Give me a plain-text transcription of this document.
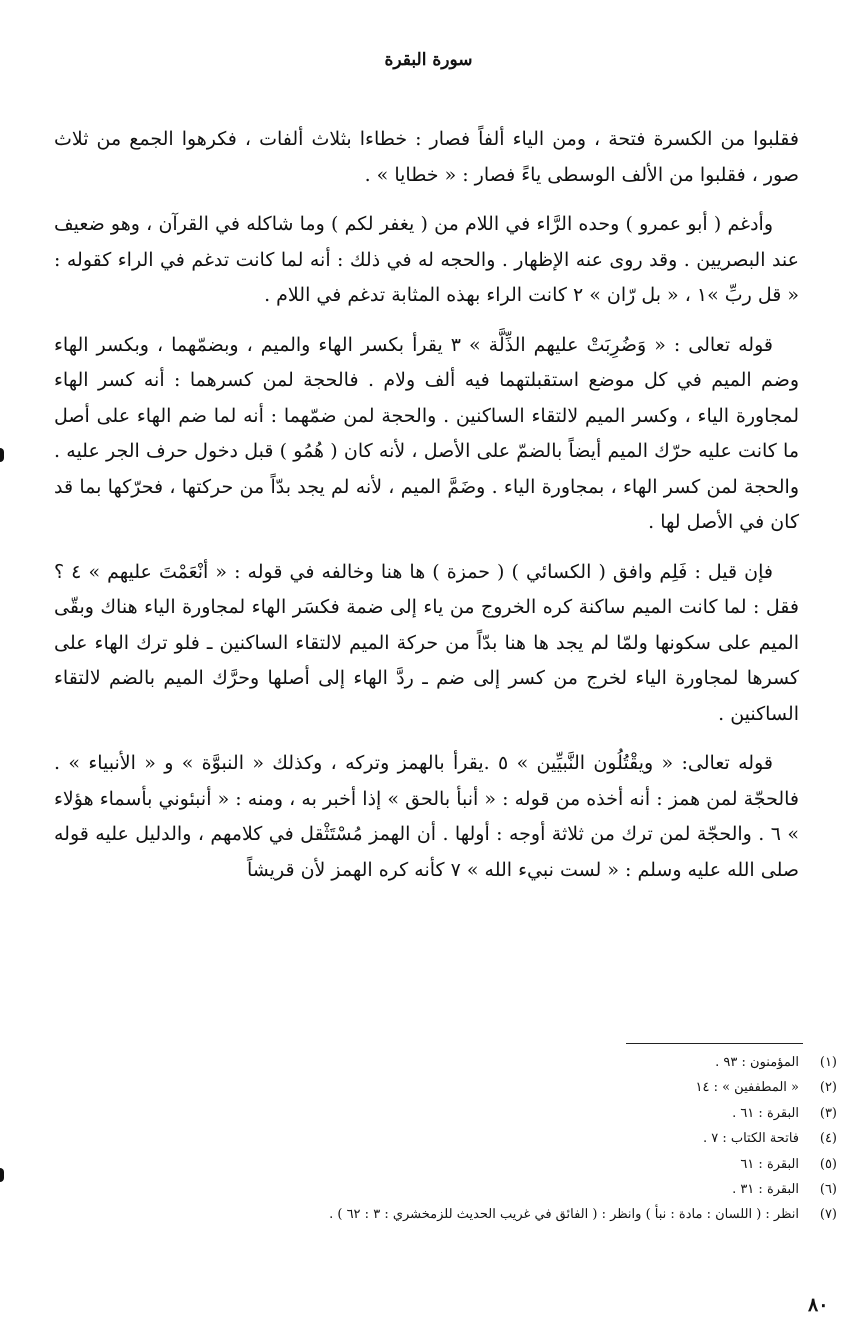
سورة البقرة

فقلبوا من الكسرة فتحة ، ومن الياء ألفاً فصار : خطاءا بثلاث ألفات ، فكرهوا الجمع من ثلاث صور ، فقلبوا من الألف الوسطى ياءً فصار : « خطايا » .

وأدغم ( أبو عمرو ) وحده الرَّاء في اللام من ( يغفر لكم ) وما شاكله في القرآن ، وهو ضعيف عند البصريين . وقد روى عنه الإظهار . والحجه له في ذلك : أنه لما كانت تدغم في الراء كقوله : « قل ربِّ »١ ، « بل رّان » ٢ كانت الراء بهذه المثابة تدغم في اللام .

قوله تعالى : « وَضُرِبَتْ عليهم الذِّلَّة » ٣ يقرأ بكسر الهاء والميم ، وبضمّهما ، وبكسر الهاء وضم الميم في كل موضع استقبلتهما فيه ألف ولام . فالحجة لمن كسرهما : أنه كسر الهاء لمجاورة الياء ، وكسر الميم لالتقاء الساكنين . والحجة لمن ضمّهما : أنه لما ضم الهاء على أصل ما كانت عليه حرّك الميم أيضاً بالضمّ على الأصل ، لأنه كان ( هُمُو ) قبل دخول حرف الجر عليه . والحجة لمن كسر الهاء ، بمجاورة الياء . وضَمَّ الميم ، لأنه لم يجد بدّاً من حركتها ، فحرّكها بما قد كان في الأصل لها .

فإن قيل : فَلِم وافق ( الكسائي ) ( حمزة ) ها هنا وخالفه في قوله : « أنْعَمْتَ عليهم » ٤ ؟ فقل : لما كانت الميم ساكنة كره الخروج من ياء إلى ضمة فكسَر الهاء لمجاورة الياء هناك وبقّى الميم على سكونها ولمّا لم يجد ها هنا بدّاً من حركة الميم لالتقاء الساكنين ـ فلو ترك الهاء على كسرها لمجاورة الياء لخرج من كسر إلى ضم ـ ردَّ الهاء إلى أصلها وحرَّك الميم بالضم لالتقاء الساكنين .

قوله تعالى: « ويقْتُلُون النَّبيِّين » ٥ .يقرأ بالهمز وتركه ، وكذلك « النبوَّة » و « الأنبياء » . فالحجّة لمن همز : أنه أخذه من قوله : « أنبأ بالحق » إذا أخبر به ، ومنه : « أنبئوني بأسماء هؤلاء » ٦ . والحجّة لمن ترك من ثلاثة أوجه : أولها . أن الهمز مُسْتَثْقل في كلامهم ، والدليل عليه قوله صلى الله عليه وسلم : « لست نبيء الله » ٧ كأنه كره الهمز لأن قريشاً

(١)المؤمنون : ٩٣ .
(٢)« المطففين » : ١٤
(٣)البقرة : ٦١ .
(٤)فاتحة الكتاب : ٧ .
(٥)البقرة : ٦١
(٦)البقرة : ٣١ .
(٧)انظر : ( اللسان : مادة : نبأ ) وانظر : ( الفائق في غريب الحديث للزمخشري : ٣ : ٦٢ ) .
٨٠
